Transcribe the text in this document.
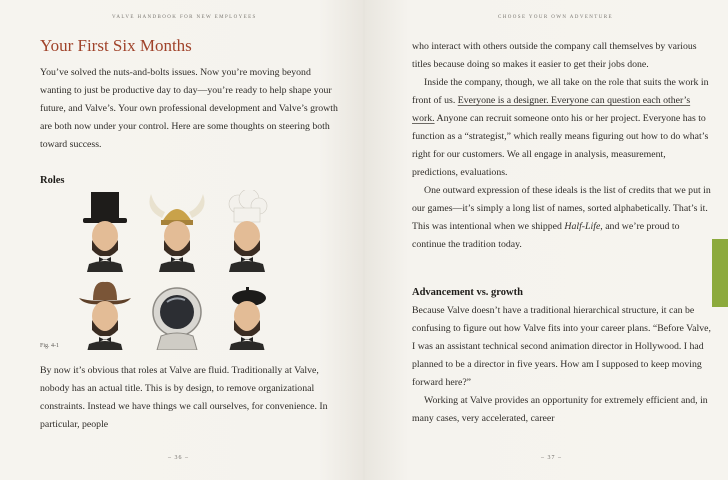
VALVE HANDBOOK FOR NEW EMPLOYEES
Your First Six Months

You’ve solved the nuts-and-bolts issues. Now you’re moving beyond wanting to just be productive day to day—you’re ready to help shape your future, and Valve’s. Your own professional development and Valve’s growth are both now under your control. Here are some thoughts on steering both toward success.

Roles
Fig. 4-1

By now it’s obvious that roles at Valve are fluid. Traditionally at Valve, nobody has an actual title. This is by design, to remove organizational constraints. Instead we have things we call ourselves, for convenience. In particular, people

– 36 –
CHOOSE YOUR OWN ADVENTURE

who interact with others outside the company call themselves by various titles because doing so makes it easier to get their jobs done.

Inside the company, though, we all take on the role that suits the work in front of us. Everyone is a designer. Everyone can question each other’s work. Anyone can recruit someone onto his or her project. Everyone has to function as a “strategist,” which really means figuring out how to do what’s right for our customers. We all engage in analysis, measurement, predictions, evaluations.

One outward expression of these ideals is the list of credits that we put in our games—it’s simply a long list of names, sorted alphabetically. That’s it. This was intentional when we shipped Half-Life, and we’re proud to continue the tradition today.

Advancement vs. growth

Because Valve doesn’t have a traditional hierarchical structure, it can be confusing to figure out how Valve fits into your career plans. “Before Valve, I was an assistant technical second animation director in Hollywood. I had planned to be a director in five years. How am I supposed to keep moving forward here?”

Working at Valve provides an opportunity for extremely efficient and, in many cases, very accelerated, career

– 37 –
